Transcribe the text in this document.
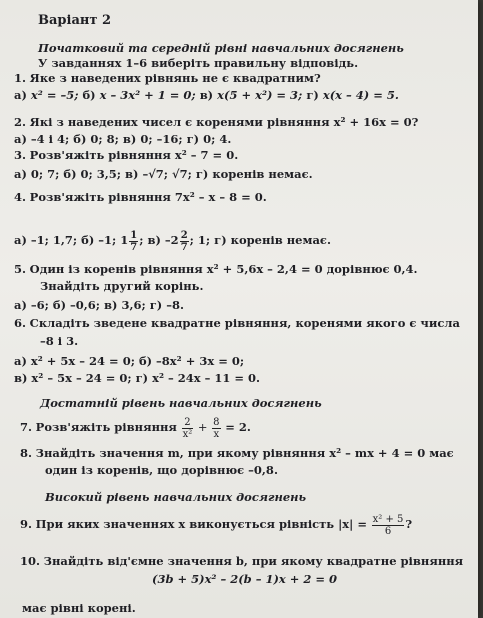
Варіант 2
Початковий та середній рівні навчальних досягнень
У завданнях 1–6 виберіть правильну відповідь.
1. Яке з наведених рівнянь не є квадратним?
а) x² = –5; б) x – 3x² + 1 = 0; в) x(5 + x²) = 3; г) x(x – 4) = 5.
2. Які з наведених чисел є коренями рівняння x² + 16x = 0?
а) –4 і 4; б) 0; 8; в) 0; –16; г) 0; 4.
3. Розв'яжіть рівняння x² – 7 = 0.
а) 0; 7; б) 0; 3,5; в) –√7; √7; г) коренів немає.
4. Розв'яжіть рівняння 7x² – x – 8 = 0.
а) –1; 1,7; б) –1; $1 \frac{1}{7}$ ; в) $-2 \frac{2}{7}$ ; 1; г) коренів немає.
5. Один із коренів рівняння x² + 5,6x – 2,4 = 0 дорівнює 0,4.
Знайдіть другий корінь.
а) –6; б) –0,6; в) 3,6; г) –8.
6. Складіть зведене квадратне рівняння, коренями якого є числа
–8 і 3.
а) x² + 5x – 24 = 0; б) –8x² + 3x = 0;
в) x² – 5x – 24 = 0; г) x² – 24x – 11 = 0.
Достатній рівень навчальних досягнень
7. Розв'яжіть рівняння $\frac{2}{\text{x²}} + \frac{8}{x} = 2$.
8. Знайдіть значення m, при якому рівняння x² – mx + 4 = 0 має
один із коренів, що дорівнює –0,8.
Високий рівень навчальних досягнень
9. При яких значеннях x виконується рівність $|x| = \frac{\text{x² + 5}}{6}$ ?
10. Знайдіть від'ємне значення b, при якому квадратне рівняння
(3b + 5)x² – 2(b – 1)x + 2 = 0
має рівні корені.
